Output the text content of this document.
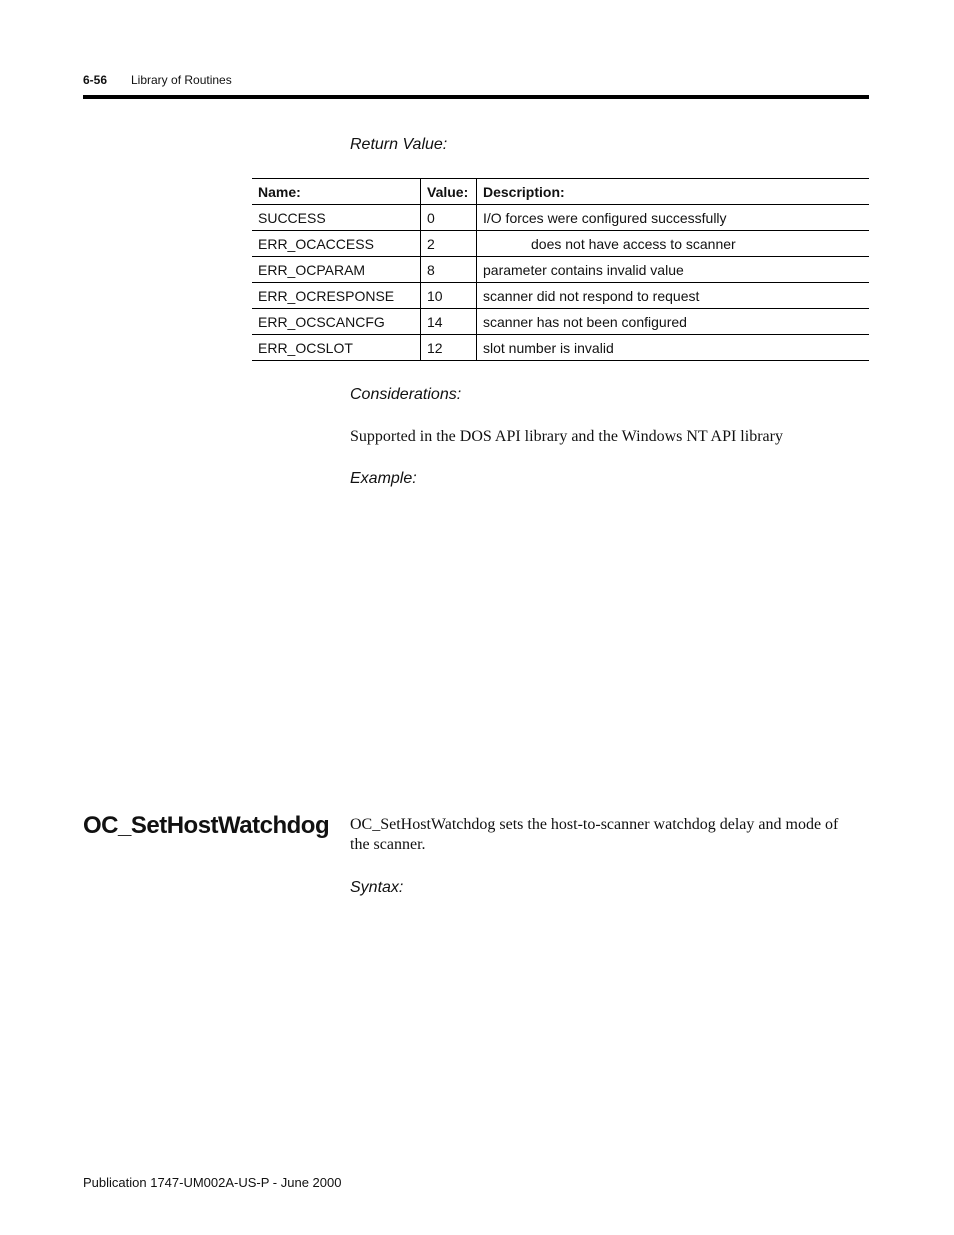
6-56 Library of Routines
Return Value:
Name:	Value:	Description:
SUCCESS	0	I/O forces were configured successfully
ERR_OCACCESS	2	does not have access to scanner
ERR_OCPARAM	8	parameter contains invalid value
ERR_OCRESPONSE	10	scanner did not respond to request
ERR_OCSCANCFG	14	scanner has not been configured
ERR_OCSLOT	12	slot number is invalid
Considerations:
Supported in the DOS API library and the Windows NT API library
Example:
OC_SetHostWatchdog OC_SetHostWatchdog sets the host-to-scanner watchdog delay and mode of the scanner.
Syntax:
Publication 1747-UM002A-US-P - June 2000
